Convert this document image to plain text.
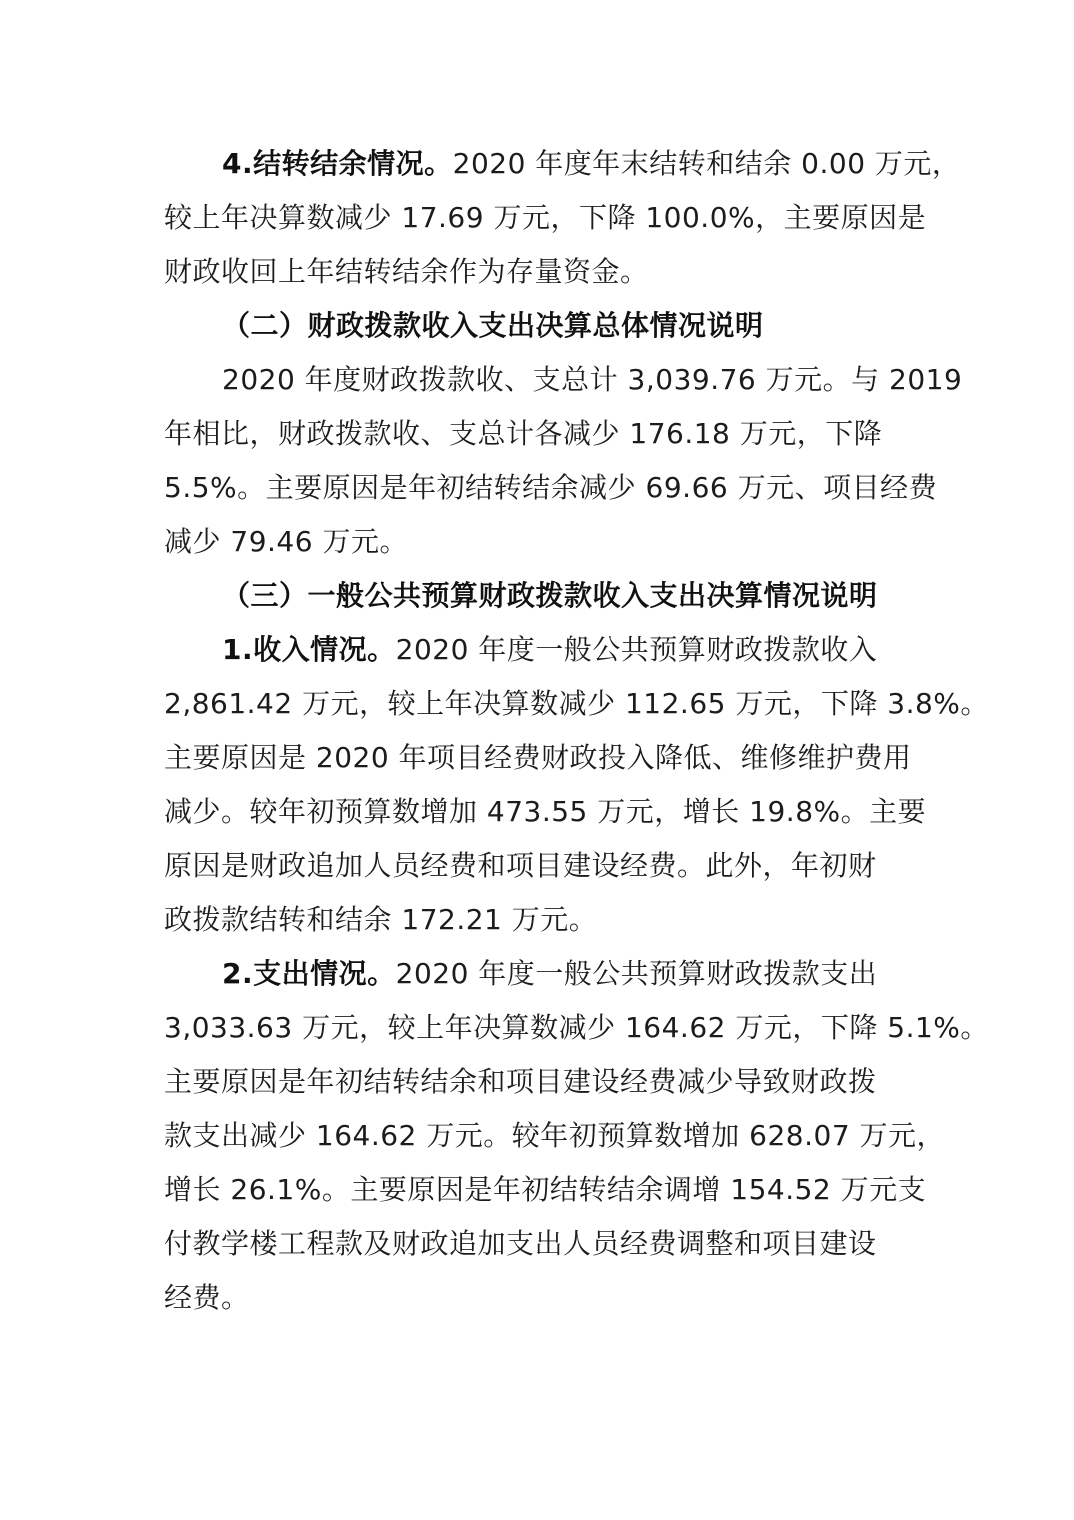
4.结转结余情况。2020 年度年末结转和结余 0.00 万元，
较上年决算数减少 17.69 万元，下降 100.0%，主要原因是
财政收回上年结转结余作为存量资金。
（二）财政拨款收入支出决算总体情况说明
2020 年度财政拨款收、支总计 3,039.76 万元。与 2019
年相比，财政拨款收、支总计各减少 176.18 万元，下降
5.5%。主要原因是年初结转结余减少 69.66 万元、项目经费
减少 79.46 万元。
（三）一般公共预算财政拨款收入支出决算情况说明
1.收入情况。2020 年度一般公共预算财政拨款收入
2,861.42 万元，较上年决算数减少 112.65 万元，下降 3.8%。
主要原因是 2020 年项目经费财政投入降低、维修维护费用
减少。较年初预算数增加 473.55 万元，增长 19.8%。主要
原因是财政追加人员经费和项目建设经费。此外，年初财
政拨款结转和结余 172.21 万元。
2.支出情况。2020 年度一般公共预算财政拨款支出
3,033.63 万元，较上年决算数减少 164.62 万元，下降 5.1%。
主要原因是年初结转结余和项目建设经费减少导致财政拨
款支出减少 164.62 万元。较年初预算数增加 628.07 万元，
增长 26.1%。主要原因是年初结转结余调增 154.52 万元支
付教学楼工程款及财政追加支出人员经费调整和项目建设
经费。
